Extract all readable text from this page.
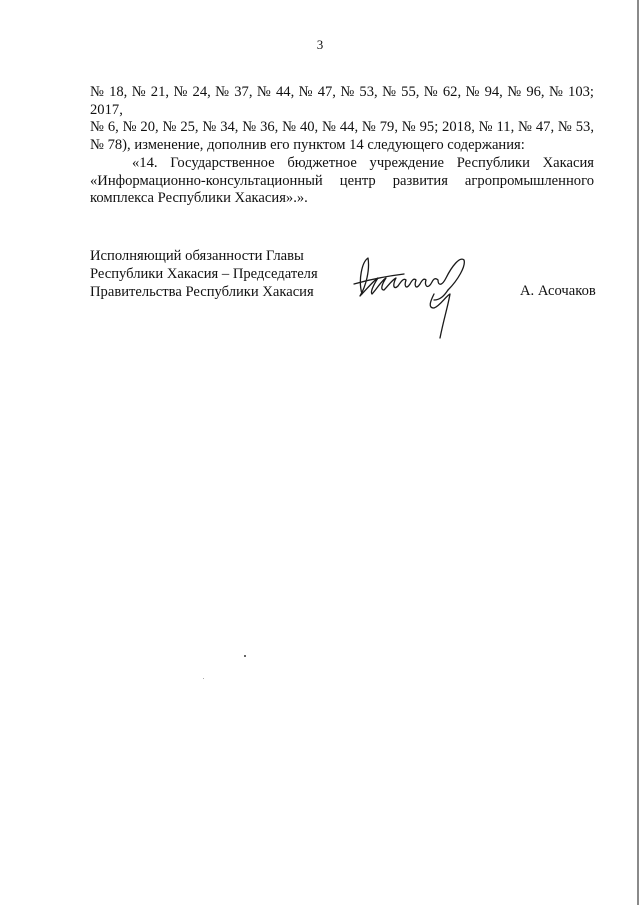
3
№ 18, № 21, № 24, № 37, № 44, № 47, № 53, № 55, № 62, № 94, № 96, № 103; 2017,
№ 6, № 20, № 25, № 34, № 36, № 40, № 44, № 79, № 95; 2018, № 11, № 47, № 53,
№ 78), изменение, дополнив его пунктом 14 следующего содержания:
«14. Государственное бюджетное учреждение Республики Хакасия
«Информационно-консультационный центр развития агропромышленного
комплекса Республики Хакасия».».
Исполняющий обязанности Главы
Республики Хакасия – Председателя
Правительства Республики Хакасия	А. Асочаков
